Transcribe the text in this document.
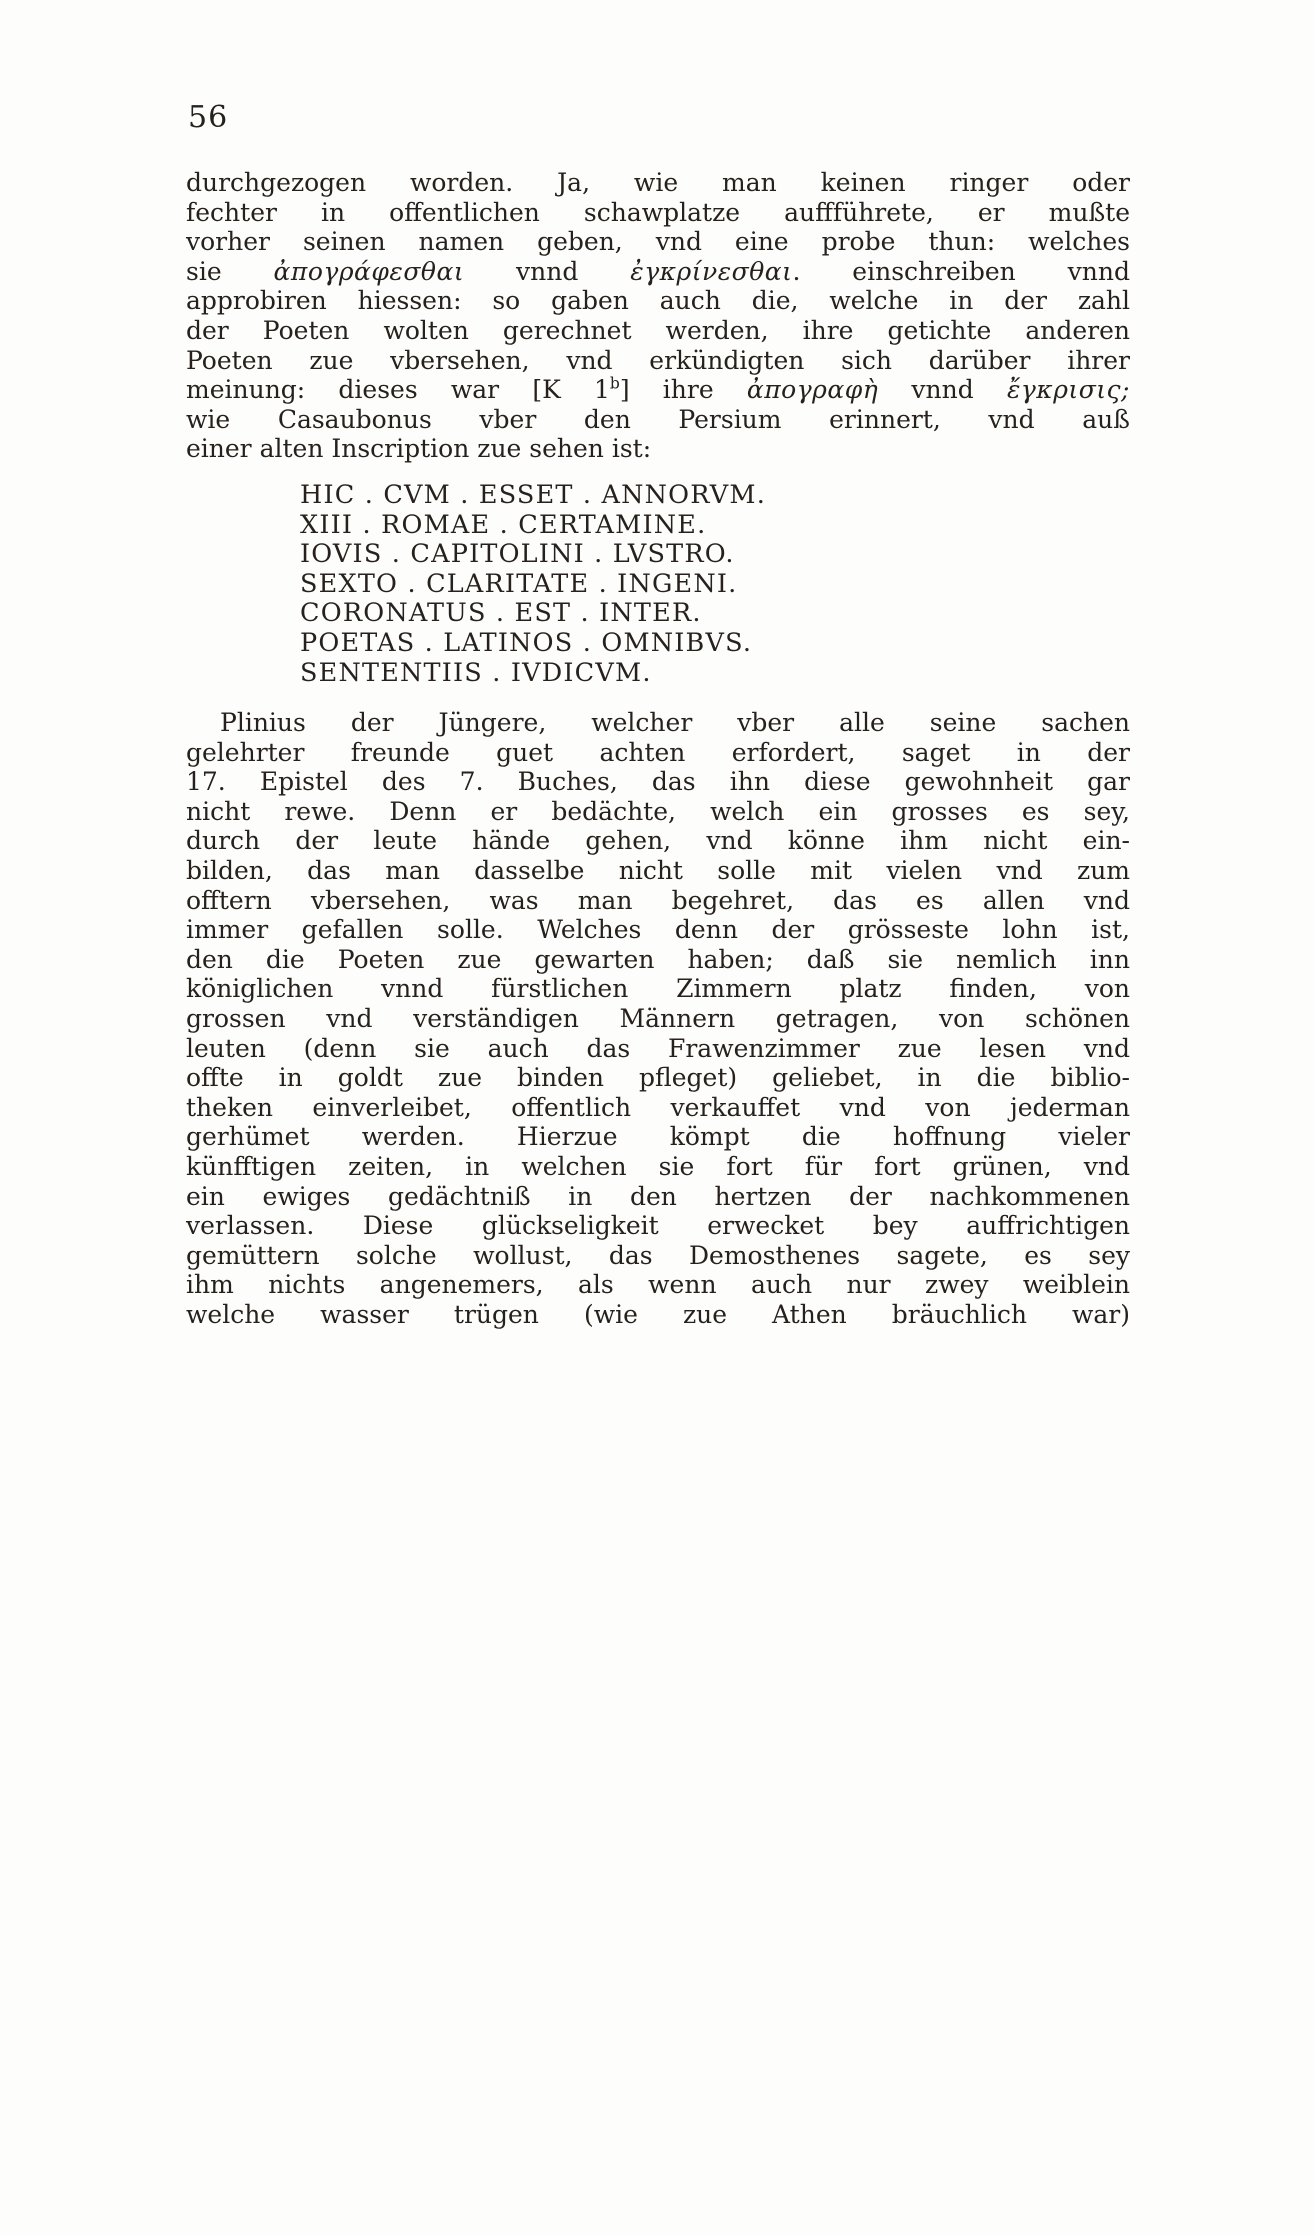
56
durchgezogen worden. Ja, wie man keinen ringer oder
fechter in offentlichen schawplatze auffführete, er mußte
vorher seinen namen geben, vnd eine probe thun: welches
sie ἀπογράφεσθαι vnnd ἐγκρίνεσθαι. einschreiben vnnd
approbiren hiessen: so gaben auch die, welche in der zahl
der Poeten wolten gerechnet werden, ihre getichte anderen
Poeten zue vbersehen, vnd erkündigten sich darüber ihrer
meinung: dieses war [K 1$^b$] ihre ἀπογραφὴ vnnd ἔγκρισις;
wie Casaubonus vber den Persium erinnert, vnd auß
einer alten Inscription zue sehen ist:
HIC . CVM . ESSET . ANNORVM.
XIII . ROMAE . CERTAMINE.
IOVIS . CAPITOLINI . LVSTRO.
SEXTO . CLARITATE . INGENI.
CORONATUS . EST . INTER.
POETAS . LATINOS . OMNIBVS.
SENTENTIIS . IVDICVM.
Plinius der Jüngere, welcher vber alle seine sachen
gelehrter freunde guet achten erfordert, saget in der
17. Epistel des 7. Buches, das ihn diese gewohnheit gar
nicht rewe. Denn er bedächte, welch ein grosses es sey,
durch der leute hände gehen, vnd könne ihm nicht ein-
bilden, das man dasselbe nicht solle mit vielen vnd zum
offtern vbersehen, was man begehret, das es allen vnd
immer gefallen solle. Welches denn der grösseste lohn ist,
den die Poeten zue gewarten haben; daß sie nemlich inn
königlichen vnnd fürstlichen Zimmern platz finden, von
grossen vnd verständigen Männern getragen, von schönen
leuten (denn sie auch das Frawenzimmer zue lesen vnd
offte in goldt zue binden pfleget) geliebet, in die biblio-
theken einverleibet, offentlich verkauffet vnd von jederman
gerhümet werden. Hierzue kömpt die hoffnung vieler
künfftigen zeiten, in welchen sie fort für fort grünen, vnd
ein ewiges gedächtniß in den hertzen der nachkommenen
verlassen. Diese glückseligkeit erwecket bey auffrichtigen
gemüttern solche wollust, das Demosthenes sagete, es sey
ihm nichts angenemers, als wenn auch nur zwey weiblein
welche wasser trügen (wie zue Athen bräuchlich war)
